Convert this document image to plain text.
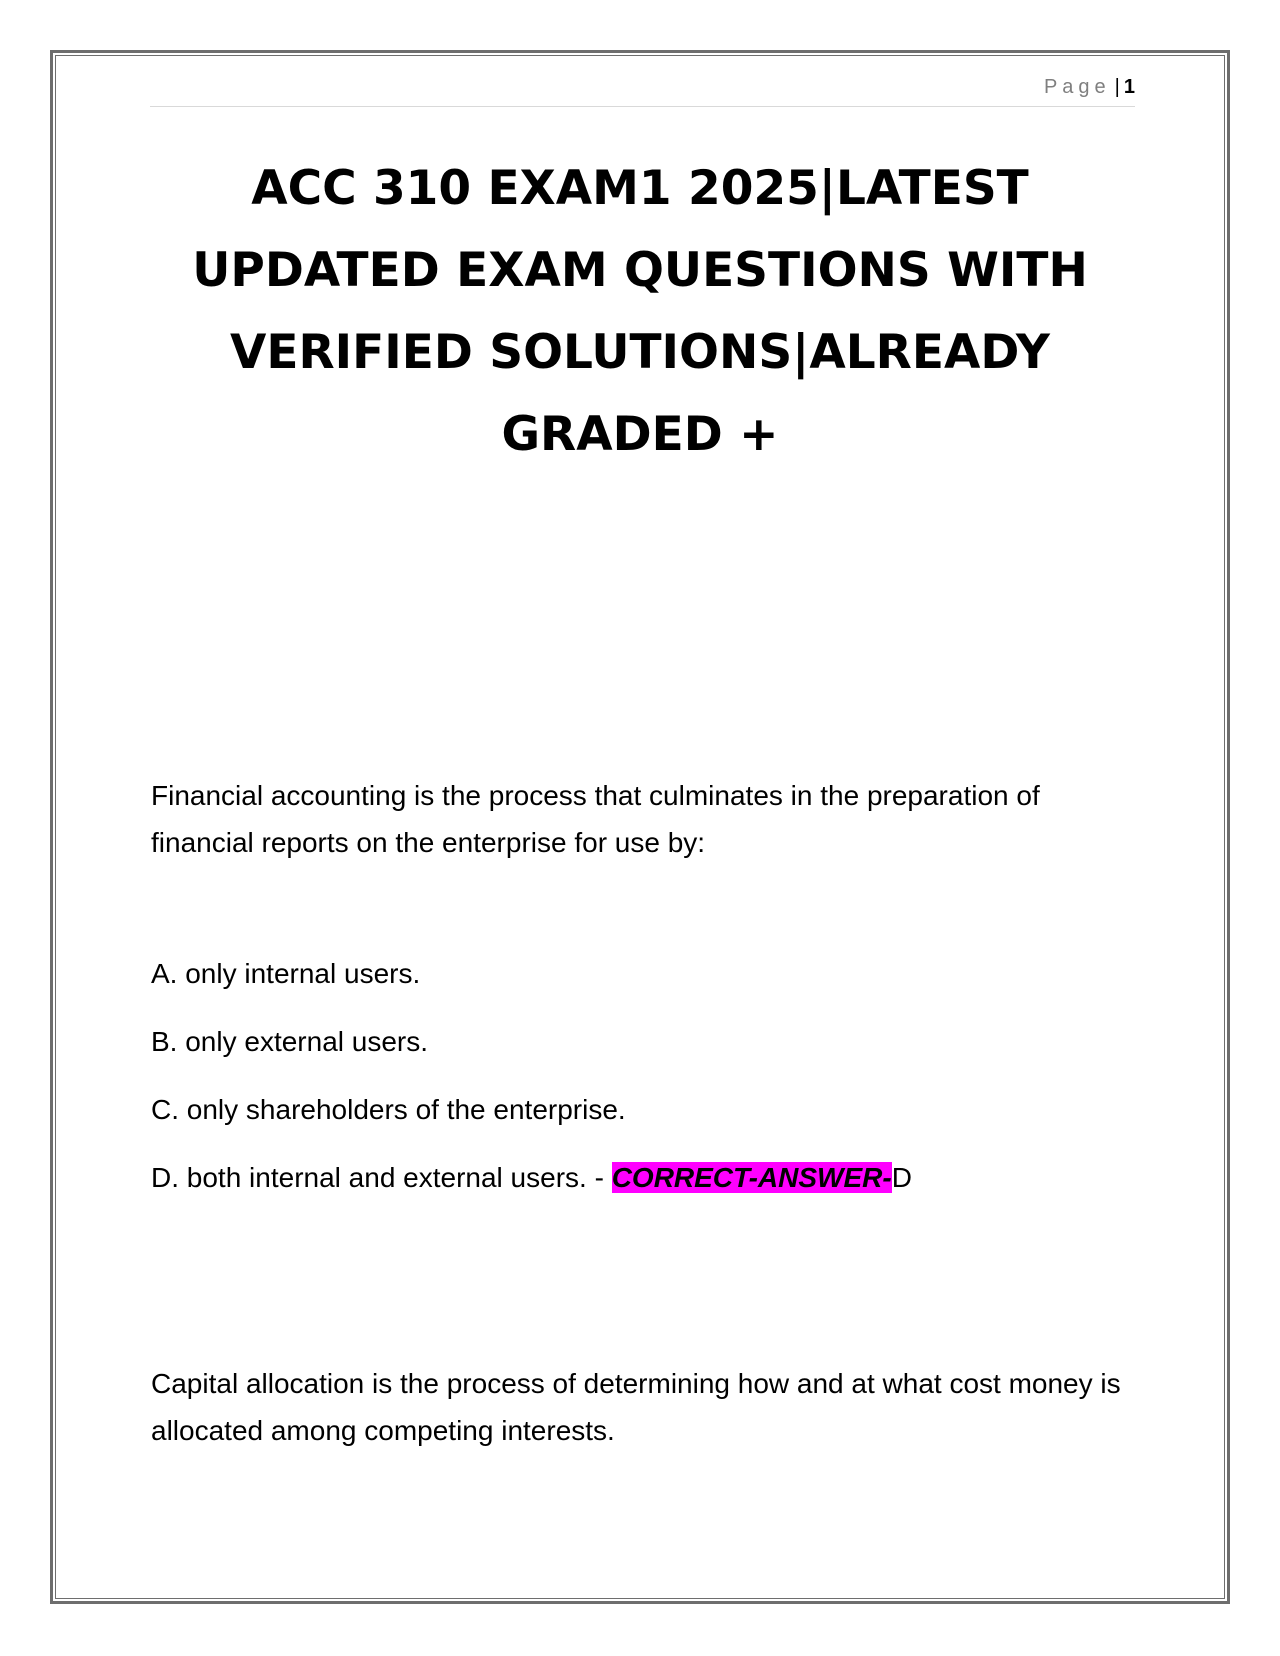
Page | 1
ACC 310 EXAM1 2025|LATEST
UPDATED EXAM QUESTIONS WITH
VERIFIED SOLUTIONS|ALREADY
GRADED +

Financial accounting is the process that culminates in the preparation of financial reports on the enterprise for use by:

A. only internal users.

B. only external users.

C. only shareholders of the enterprise.

D. both internal and external users. - CORRECT-ANSWER-D

Capital allocation is the process of determining how and at what cost money is allocated among competing interests.
